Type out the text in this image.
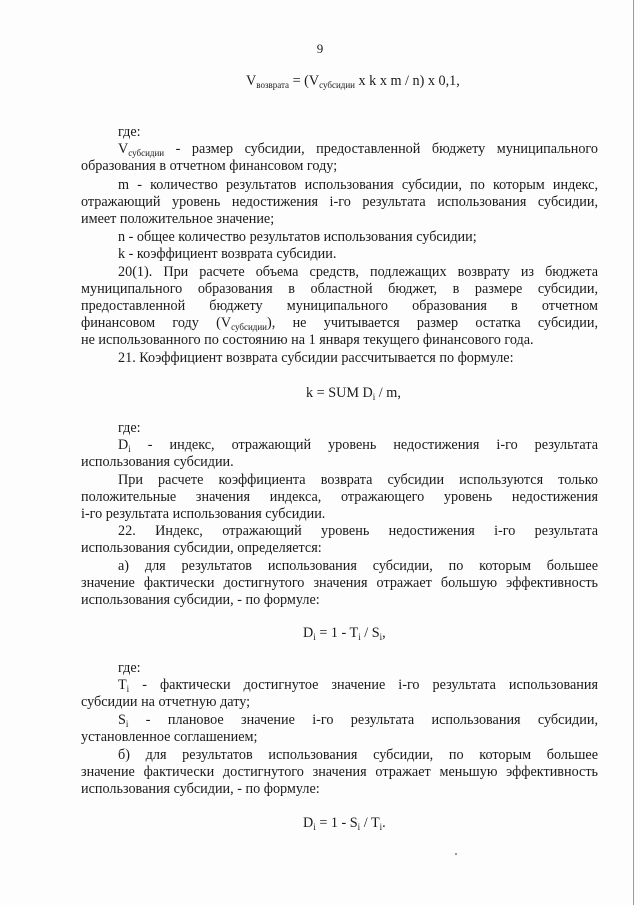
9
$V_{возврата} = (V_{субсидии}$ x k x m / n) x 0,1,
где:
$V_{субсидии}$ - размер субсидии, предоставленной бюджету муниципального
образования в отчетном финансовом году;
m - количество результатов использования субсидии, по которым индекс,
отражающий уровень недостижения i-го результата использования субсидии,
имеет положительное значение;
n - общее количество результатов использования субсидии;
k - коэффициент возврата субсидии.
20(1). При расчете объема средств, подлежащих возврату из бюджета
муниципального образования в областной бюджет, в размере субсидии,
предоставленной бюджету муниципального образования в отчетном
финансовом году $(V_{субсидии})$, не учитывается размер остатка субсидии,
не использованного по состоянию на 1 января текущего финансового года.
21. Коэффициент возврата субсидии рассчитывается по формуле:
k = SUM $D_i$ / m,
где:
$D_i$ - индекс, отражающий уровень недостижения i-го результата
использования субсидии.
При расчете коэффициента возврата субсидии используются только
положительные значения индекса, отражающего уровень недостижения
i-го результата использования субсидии.
22. Индекс, отражающий уровень недостижения i-го результата
использования субсидии, определяется:
а) для результатов использования субсидии, по которым большее
значение фактически достигнутого значения отражает большую эффективность
использования субсидии, - по формуле:
$D_i = 1 - T_i / S_i$,
где:
$T_i$ - фактически достигнутое значение i-го результата использования
субсидии на отчетную дату;
$S_i$ - плановое значение i-го результата использования субсидии,
установленное соглашением;
б) для результатов использования субсидии, по которым большее
значение фактически достигнутого значения отражает меньшую эффективность
использования субсидии, - по формуле:
$D_i = 1 - S_i / T_i$.
